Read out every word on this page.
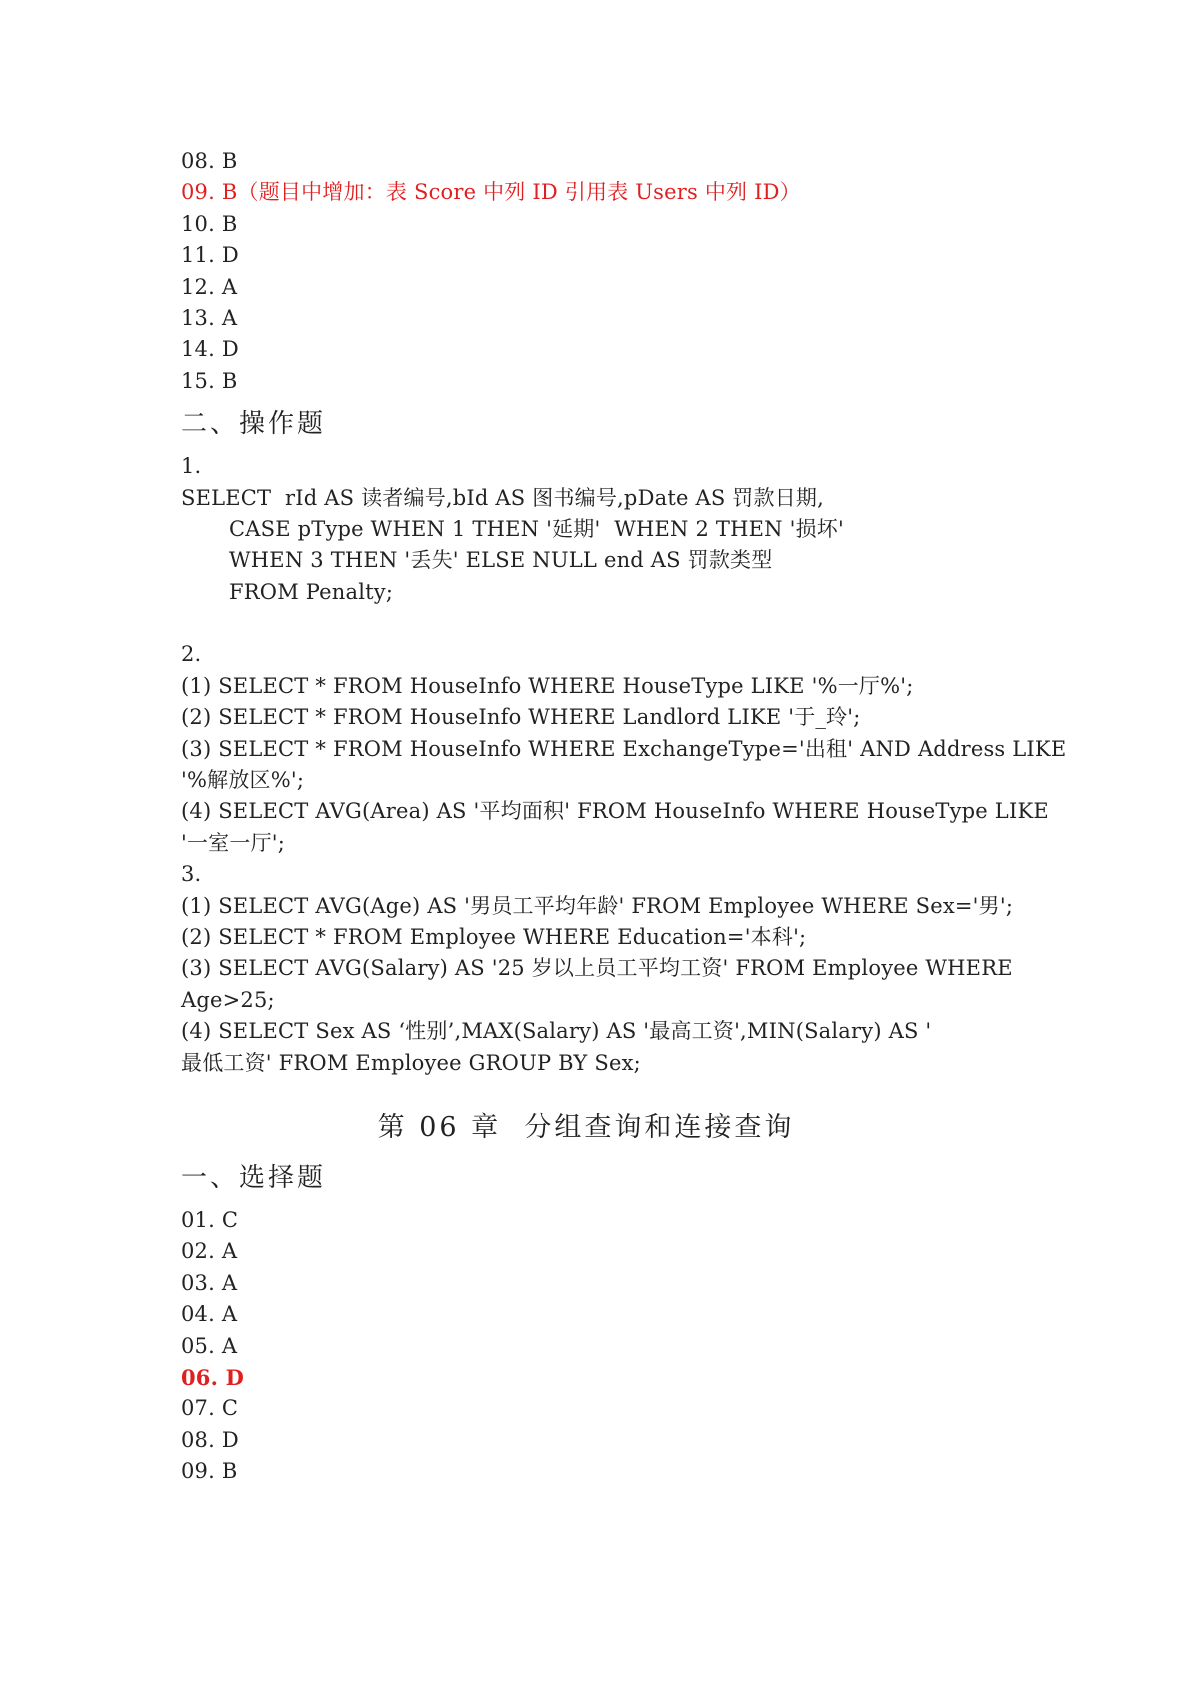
08. B
09. B（题目中增加：表 Score 中列 ID 引用表 Users 中列 ID）
10. B
11. D
12. A
13. A
14. D
15. B
二、操作题
1.
SELECT  rId AS 读者编号,bId AS 图书编号,pDate AS 罚款日期,
CASE pType WHEN 1 THEN '延期'  WHEN 2 THEN '损坏'
WHEN 3 THEN '丢失' ELSE NULL end AS 罚款类型
FROM Penalty;
2.
(1) SELECT * FROM HouseInfo WHERE HouseType LIKE '%一厅%';
(2) SELECT * FROM HouseInfo WHERE Landlord LIKE '于_玲';
(3) SELECT * FROM HouseInfo WHERE ExchangeType='出租' AND Address LIKE
'%解放区%';
(4) SELECT AVG(Area) AS '平均面积' FROM HouseInfo WHERE HouseType LIKE
'一室一厅';
3.
(1) SELECT AVG(Age) AS '男员工平均年龄' FROM Employee WHERE Sex='男';
(2) SELECT * FROM Employee WHERE Education='本科';
(3) SELECT AVG(Salary) AS '25 岁以上员工平均工资' FROM Employee WHERE
Age>25;
(4) SELECT Sex AS ‘性别’,MAX(Salary) AS '最高工资',MIN(Salary) AS '
最低工资' FROM Employee GROUP BY Sex;
第 06 章  分组查询和连接查询
一、选择题
01. C
02. A
03. A
04. A
05. A
06. D
07. C
08. D
09. B
